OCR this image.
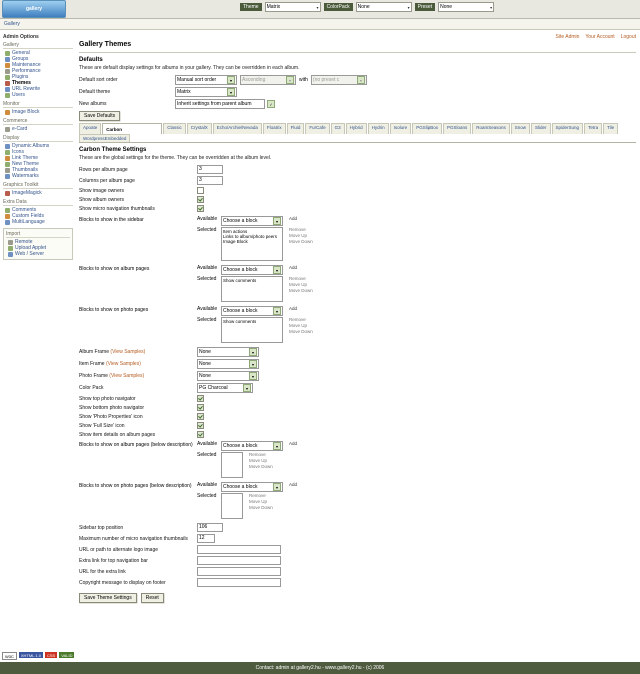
gallery	Theme	Matrix	▾	ColorPack	None	▾	Preset	None	▾
Gallery
Admin Options
Gallery
General
Groups
Maintenance
Performance
Plugins
Themes
URL Rewrite
Users
Monitor
Image Block
Commerce
e-Card
Display
Dynamic Albums
Icons
Link Theme
New Theme
Thumbnails
Watermarks
Graphics Toolkit
ImageMagick
Extra Data
Comments
Custom Fields
MultiLanguage
Import
Remote
Upload Applet
Web / Server
Site Admin Your Account Logout
Gallery Themes
Defaults

These are default display settings for albums in your gallery. They can be overridden in each album.

Default sort order	Manual sort order	▾	Ascending	▾	with (no preset c	▾
Default theme	Matrix	▾
New albums	Inherit settings from parent album	✓
Save Defaults
Apoate	Carbon	Classic	CrystalX	Echo/Archie/Nevada	Floatrix	Fluid	FurCafe	G3	Hybrid	Hydrin	Isolure	PGSlipBox	PGSloans	RoamSeasons	Snow	Slider	SpiderSung	Tetra	Tile
WordpressEmbedded
Carbon Theme Settings

These are the global settings for the theme. They can be overridden at the album level.

Rows per album page	3
Columns per album page	3
Show image owners
Show album owners
Show micro navigation thumbnails
Blocks to show in the sidebar	Available	Choose a block	▾	Add
Selected	Item actions
Links to album/photo peers
Image Block
Remove
Move Up
Move Down
Blocks to show on album pages	Available	Choose a block	▾	Add
Selected	Show comments	Remove
Move Up
Move Down
Blocks to show on photo pages	Available	Choose a block	▾	Add
Selected	Show comments	Remove
Move Up
Move Down
Album Frame (View Samples)	None	▾
Item Frame (View Samples)	None	▾
Photo Frame (View Samples)	None	▾
Color Pack	PG Charcoal	▾
Show top photo navigator
Show bottom photo navigator
Show 'Photo Properties' icon
Show 'Full Size' icon
Show item details on album pages
Blocks to show on album pages (below description) Available	Choose a block	▾	Add
Selected	Remove
Move Up
Move Down
Blocks to show on photo pages (below description)	Available	Choose a block	▾	Add
Selected	Remove
Move Up
Move Down
Sidebar top position	106
Maximum number of micro navigation thumbnails	12
URL or path to alternate logo image
Extra link for top navigation bar
URL for the extra link
Copyright message to display on footer
Save Theme Settings	Reset
W3C	XHTML 1.0	CSS	VALID
Contact: admin at gallery2.hu - www.gallery2.hu - (c) 2006
